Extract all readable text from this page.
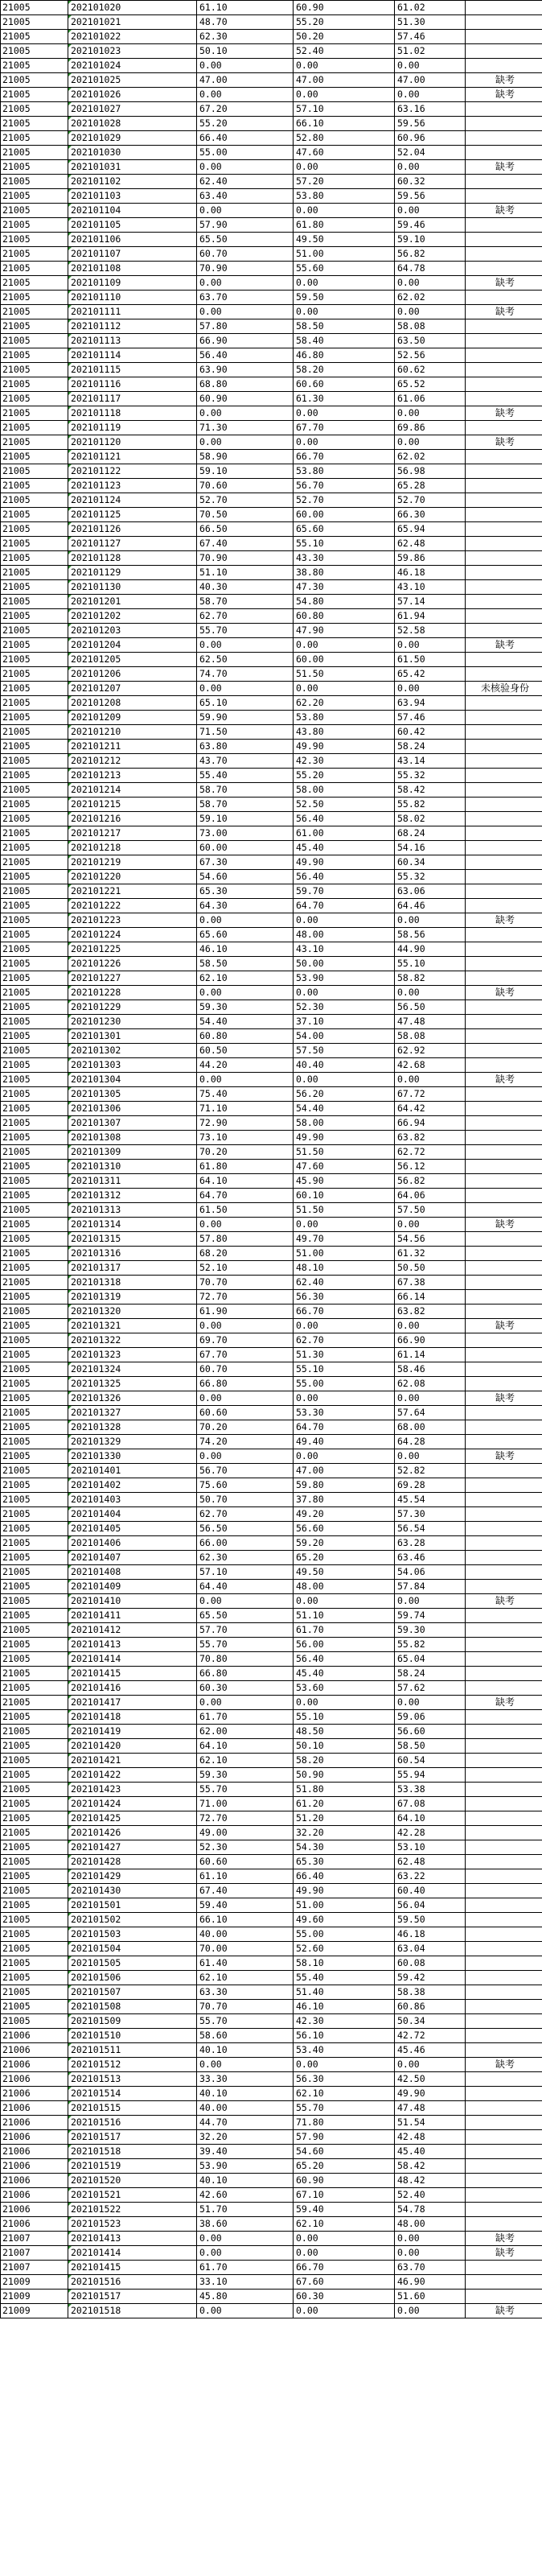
21005	202101020	61.10	60.90	61.02	
21005	202101021	48.70	55.20	51.30	
21005	202101022	62.30	50.20	57.46	
21005	202101023	50.10	52.40	51.02	
21005	202101024	0.00	0.00	0.00	
21005	202101025	47.00	47.00	47.00	缺考
21005	202101026	0.00	0.00	0.00	缺考
21005	202101027	67.20	57.10	63.16	
21005	202101028	55.20	66.10	59.56	
21005	202101029	66.40	52.80	60.96	
21005	202101030	55.00	47.60	52.04	
21005	202101031	0.00	0.00	0.00	缺考
21005	202101102	62.40	57.20	60.32	
21005	202101103	63.40	53.80	59.56	
21005	202101104	0.00	0.00	0.00	缺考
21005	202101105	57.90	61.80	59.46	
21005	202101106	65.50	49.50	59.10	
21005	202101107	60.70	51.00	56.82	
21005	202101108	70.90	55.60	64.78	
21005	202101109	0.00	0.00	0.00	缺考
21005	202101110	63.70	59.50	62.02	
21005	202101111	0.00	0.00	0.00	缺考
21005	202101112	57.80	58.50	58.08	
21005	202101113	66.90	58.40	63.50	
21005	202101114	56.40	46.80	52.56	
21005	202101115	63.90	58.20	60.62	
21005	202101116	68.80	60.60	65.52	
21005	202101117	60.90	61.30	61.06	
21005	202101118	0.00	0.00	0.00	缺考
21005	202101119	71.30	67.70	69.86	
21005	202101120	0.00	0.00	0.00	缺考
21005	202101121	58.90	66.70	62.02	
21005	202101122	59.10	53.80	56.98	
21005	202101123	70.60	56.70	65.28	
21005	202101124	52.70	52.70	52.70	
21005	202101125	70.50	60.00	66.30	
21005	202101126	66.50	65.60	65.94	
21005	202101127	67.40	55.10	62.48	
21005	202101128	70.90	43.30	59.86	
21005	202101129	51.10	38.80	46.18	
21005	202101130	40.30	47.30	43.10	
21005	202101201	58.70	54.80	57.14	
21005	202101202	62.70	60.80	61.94	
21005	202101203	55.70	47.90	52.58	
21005	202101204	0.00	0.00	0.00	缺考
21005	202101205	62.50	60.00	61.50	
21005	202101206	74.70	51.50	65.42	
21005	202101207	0.00	0.00	0.00	未核验身份
21005	202101208	65.10	62.20	63.94	
21005	202101209	59.90	53.80	57.46	
21005	202101210	71.50	43.80	60.42	
21005	202101211	63.80	49.90	58.24	
21005	202101212	43.70	42.30	43.14	
21005	202101213	55.40	55.20	55.32	
21005	202101214	58.70	58.00	58.42	
21005	202101215	58.70	52.50	55.82	
21005	202101216	59.10	56.40	58.02	
21005	202101217	73.00	61.00	68.24	
21005	202101218	60.00	45.40	54.16	
21005	202101219	67.30	49.90	60.34	
21005	202101220	54.60	56.40	55.32	
21005	202101221	65.30	59.70	63.06	
21005	202101222	64.30	64.70	64.46	
21005	202101223	0.00	0.00	0.00	缺考
21005	202101224	65.60	48.00	58.56	
21005	202101225	46.10	43.10	44.90	
21005	202101226	58.50	50.00	55.10	
21005	202101227	62.10	53.90	58.82	
21005	202101228	0.00	0.00	0.00	缺考
21005	202101229	59.30	52.30	56.50	
21005	202101230	54.40	37.10	47.48	
21005	202101301	60.80	54.00	58.08	
21005	202101302	60.50	57.50	62.92	
21005	202101303	44.20	40.40	42.68	
21005	202101304	0.00	0.00	0.00	缺考
21005	202101305	75.40	56.20	67.72	
21005	202101306	71.10	54.40	64.42	
21005	202101307	72.90	58.00	66.94	
21005	202101308	73.10	49.90	63.82	
21005	202101309	70.20	51.50	62.72	
21005	202101310	61.80	47.60	56.12	
21005	202101311	64.10	45.90	56.82	
21005	202101312	64.70	60.10	64.06	
21005	202101313	61.50	51.50	57.50	
21005	202101314	0.00	0.00	0.00	缺考
21005	202101315	57.80	49.70	54.56	
21005	202101316	68.20	51.00	61.32	
21005	202101317	52.10	48.10	50.50	
21005	202101318	70.70	62.40	67.38	
21005	202101319	72.70	56.30	66.14	
21005	202101320	61.90	66.70	63.82	
21005	202101321	0.00	0.00	0.00	缺考
21005	202101322	69.70	62.70	66.90	
21005	202101323	67.70	51.30	61.14	
21005	202101324	60.70	55.10	58.46	
21005	202101325	66.80	55.00	62.08	
21005	202101326	0.00	0.00	0.00	缺考
21005	202101327	60.60	53.30	57.64	
21005	202101328	70.20	64.70	68.00	
21005	202101329	74.20	49.40	64.28	
21005	202101330	0.00	0.00	0.00	缺考
21005	202101401	56.70	47.00	52.82	
21005	202101402	75.60	59.80	69.28	
21005	202101403	50.70	37.80	45.54	
21005	202101404	62.70	49.20	57.30	
21005	202101405	56.50	56.60	56.54	
21005	202101406	66.00	59.20	63.28	
21005	202101407	62.30	65.20	63.46	
21005	202101408	57.10	49.50	54.06	
21005	202101409	64.40	48.00	57.84	
21005	202101410	0.00	0.00	0.00	缺考
21005	202101411	65.50	51.10	59.74	
21005	202101412	57.70	61.70	59.30	
21005	202101413	55.70	56.00	55.82	
21005	202101414	70.80	56.40	65.04	
21005	202101415	66.80	45.40	58.24	
21005	202101416	60.30	53.60	57.62	
21005	202101417	0.00	0.00	0.00	缺考
21005	202101418	61.70	55.10	59.06	
21005	202101419	62.00	48.50	56.60	
21005	202101420	64.10	50.10	58.50	
21005	202101421	62.10	58.20	60.54	
21005	202101422	59.30	50.90	55.94	
21005	202101423	55.70	51.80	53.38	
21005	202101424	71.00	61.20	67.08	
21005	202101425	72.70	51.20	64.10	
21005	202101426	49.00	32.20	42.28	
21005	202101427	52.30	54.30	53.10	
21005	202101428	60.60	65.30	62.48	
21005	202101429	61.10	66.40	63.22	
21005	202101430	67.40	49.90	60.40	
21005	202101501	59.40	51.00	56.04	
21005	202101502	66.10	49.60	59.50	
21005	202101503	40.00	55.00	46.18	
21005	202101504	70.00	52.60	63.04	
21005	202101505	61.40	58.10	60.08	
21005	202101506	62.10	55.40	59.42	
21005	202101507	63.30	51.40	58.38	
21005	202101508	70.70	46.10	60.86	
21005	202101509	55.70	42.30	50.34	
21006	202101510	58.60	56.10	42.72	
21006	202101511	40.10	53.40	45.46	
21006	202101512	0.00	0.00	0.00	缺考
21006	202101513	33.30	56.30	42.50	
21006	202101514	40.10	62.10	49.90	
21006	202101515	40.00	55.70	47.48	
21006	202101516	44.70	71.80	51.54	
21006	202101517	32.20	57.90	42.48	
21006	202101518	39.40	54.60	45.40	
21006	202101519	53.90	65.20	58.42	
21006	202101520	40.10	60.90	48.42	
21006	202101521	42.60	67.10	52.40	
21006	202101522	51.70	59.40	54.78	
21006	202101523	38.60	62.10	48.00	
21007	202101413	0.00	0.00	0.00	缺考
21007	202101414	0.00	0.00	0.00	缺考
21007	202101415	61.70	66.70	63.70	
21009	202101516	33.10	67.60	46.90	
21009	202101517	45.80	60.30	51.60	
21009	202101518	0.00	0.00	0.00	缺考
